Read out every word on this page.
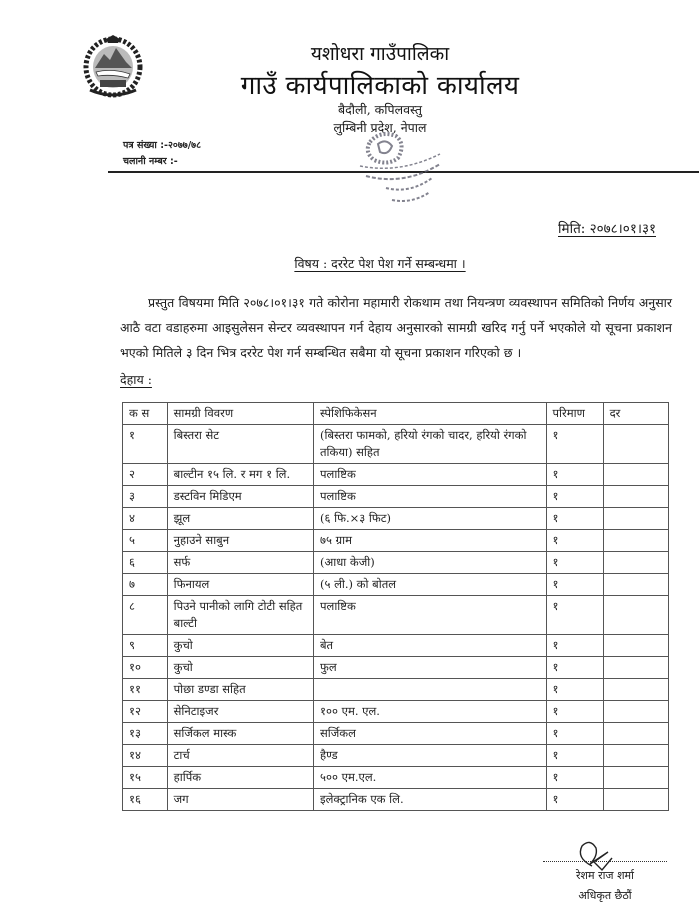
यशोधरा गाउँपालिका
गाउँ कार्यपालिकाको कार्यालय
बैदौली, कपिलवस्तु
लुम्बिनी प्रदेश, नेपाल
पत्र संख्या :-२०७७/७८
चलानी नम्बर :-
मिति: २०७८।०१।३१
विषय : दररेट पेश पेश गर्ने सम्बन्धमा ।
प्रस्तुत विषयमा मिति २०७८।०१।३१ गते कोरोना महामारी रोकथाम तथा नियन्त्रण व्यवस्थापन समितिको निर्णय अनुसार आठै वटा वडाहरुमा आइसुलेसन सेन्टर व्यवस्थापन गर्न देहाय अनुसारको सामग्री खरिद गर्नु पर्ने भएकोले यो सूचना प्रकाशन भएको मितिले ३ दिन भित्र दररेट पेश गर्न सम्बन्धित सबैमा यो सूचना प्रकाशन गरिएको छ ।
देहाय :
क स	सामग्री विवरण	स्पेशिफिकेसन	परिमाण	दर
१	बिस्तरा सेट	(बिस्तरा फामको, हरियो रंगको चादर, हरियो रंगको तकिया) सहित	१	
२	बाल्टीन १५ लि. र मग १ लि.	पलाष्टिक	१	
३	डस्टविन मिडिएम	पलाष्टिक	१	
४	झूल	(६ फि.×३ फिट)	१	
५	नुहाउने साबुन	७५ ग्राम	१	
६	सर्फ	(आधा केजी)	१	
७	फिनायल	(५ ली.) को बोतल	१	
८	पिउने पानीको लागि टोटी सहित बाल्टी	पलाष्टिक	१	
९	कुचो	बेत	१	
१०	कुचो	फुल	१	
११	पोछा डण्डा सहित		१	
१२	सेनिटाइजर	१०० एम. एल.	१	
१३	सर्जिकल मास्क	सर्जिकल	१	
१४	टार्च	हैण्ड	१	
१५	हार्पिक	५०० एम.एल.	१	
१६	जग	इलेक्ट्रानिक एक लि.	१	
रेशम राज शर्मा
अधिकृत छैठौं
